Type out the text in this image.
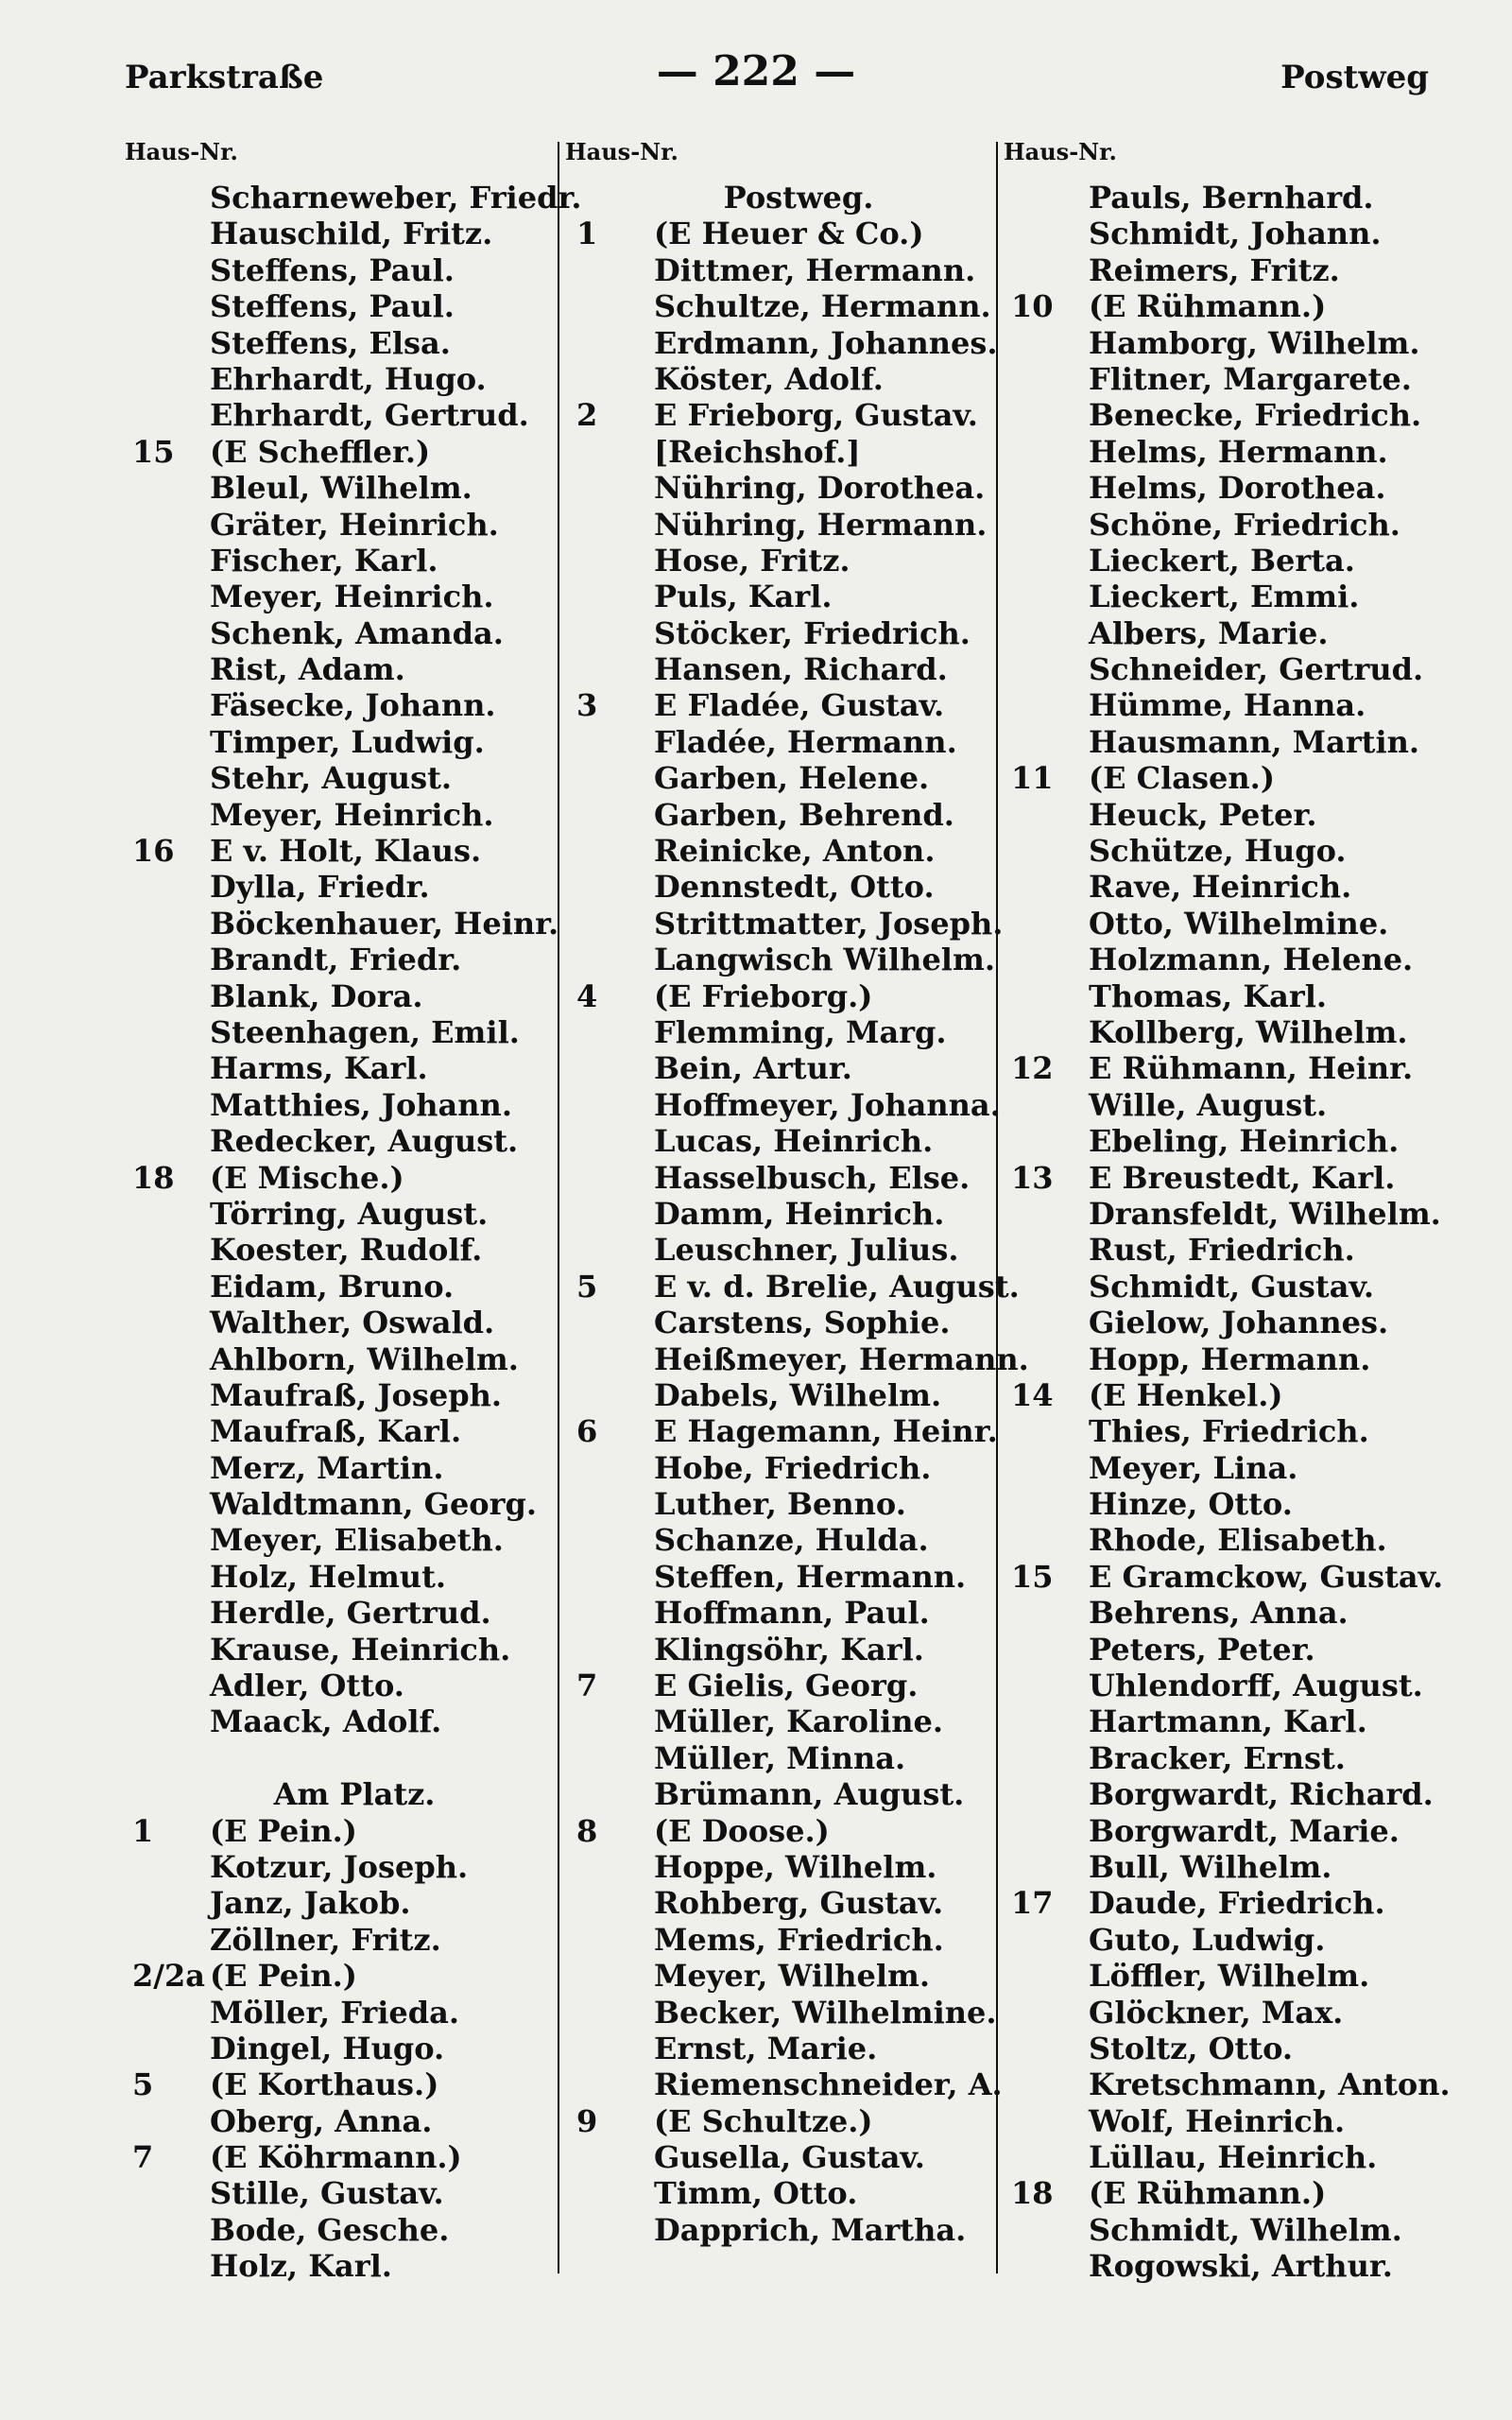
Parkstraße	— 222 —	Postweg
Haus-Nr.	Haus-Nr.	Haus-Nr.
Scharneweber, Friedr.
Hauschild, Fritz.
Steffens, Paul.
Steffens, Paul.
Steffens, Elsa.
Ehrhardt, Hugo.
Ehrhardt, Gertrud.
15	(E Scheffler.)
Bleul, Wilhelm.
Gräter, Heinrich.
Fischer, Karl.
Meyer, Heinrich.
Schenk, Amanda.
Rist, Adam.
Fäsecke, Johann.
Timper, Ludwig.
Stehr, August.
Meyer, Heinrich.
16	E v. Holt, Klaus.
Dylla, Friedr.
Böckenhauer, Heinr.
Brandt, Friedr.
Blank, Dora.
Steenhagen, Emil.
Harms, Karl.
Matthies, Johann.
Redecker, August.
18	(E Mische.)
Törring, August.
Koester, Rudolf.
Eidam, Bruno.
Walther, Oswald.
Ahlborn, Wilhelm.
Maufraß, Joseph.
Maufraß, Karl.
Merz, Martin.
Waldtmann, Georg.
Meyer, Elisabeth.
Holz, Helmut.
Herdle, Gertrud.
Krause, Heinrich.
Adler, Otto.
Maack, Adolf.
Am Platz.
1	(E Pein.)
Kotzur, Joseph.
Janz, Jakob.
Zöllner, Fritz.
2/2a (E Pein.)
Möller, Frieda.
Dingel, Hugo.
5	(E Korthaus.)
Oberg, Anna.
7	(E Köhrmann.)
Stille, Gustav.
Bode, Gesche.
Holz, Karl.
Postweg.
1	(E Heuer & Co.)
Dittmer, Hermann.
Schultze, Hermann.
Erdmann, Johannes.
Köster, Adolf.
2	E Frieborg, Gustav.
[Reichshof.]
Nühring, Dorothea.
Nühring, Hermann.
Hose, Fritz.
Puls, Karl.
Stöcker, Friedrich.
Hansen, Richard.
3	E Fladée, Gustav.
Fladée, Hermann.
Garben, Helene.
Garben, Behrend.
Reinicke, Anton.
Dennstedt, Otto.
Strittmatter, Joseph.
Langwisch Wilhelm.
4	(E Frieborg.)
Flemming, Marg.
Bein, Artur.
Hoffmeyer, Johanna.
Lucas, Heinrich.
Hasselbusch, Else.
Damm, Heinrich.
Leuschner, Julius.
5	E v. d. Brelie, August.
Carstens, Sophie.
Heißmeyer, Hermann.
Dabels, Wilhelm.
6	E Hagemann, Heinr.
Hobe, Friedrich.
Luther, Benno.
Schanze, Hulda.
Steffen, Hermann.
Hoffmann, Paul.
Klingsöhr, Karl.
7	E Gielis, Georg.
Müller, Karoline.
Müller, Minna.
Brümann, August.
8	(E Doose.)
Hoppe, Wilhelm.
Rohberg, Gustav.
Mems, Friedrich.
Meyer, Wilhelm.
Becker, Wilhelmine.
Ernst, Marie.
Riemenschneider, A.
9	(E Schultze.)
Gusella, Gustav.
Timm, Otto.
Dapprich, Martha.
Pauls, Bernhard.
Schmidt, Johann.
Reimers, Fritz.
10	(E Rühmann.)
Hamborg, Wilhelm.
Flitner, Margarete.
Benecke, Friedrich.
Helms, Hermann.
Helms, Dorothea.
Schöne, Friedrich.
Lieckert, Berta.
Lieckert, Emmi.
Albers, Marie.
Schneider, Gertrud.
Hümme, Hanna.
Hausmann, Martin.
11	(E Clasen.)
Heuck, Peter.
Schütze, Hugo.
Rave, Heinrich.
Otto, Wilhelmine.
Holzmann, Helene.
Thomas, Karl.
Kollberg, Wilhelm.
12	E Rühmann, Heinr.
Wille, August.
Ebeling, Heinrich.
13	E Breustedt, Karl.
Dransfeldt, Wilhelm.
Rust, Friedrich.
Schmidt, Gustav.
Gielow, Johannes.
Hopp, Hermann.
14	(E Henkel.)
Thies, Friedrich.
Meyer, Lina.
Hinze, Otto.
Rhode, Elisabeth.
15	E Gramckow, Gustav.
Behrens, Anna.
Peters, Peter.
Uhlendorff, August.
Hartmann, Karl.
Bracker, Ernst.
Borgwardt, Richard.
Borgwardt, Marie.
Bull, Wilhelm.
17	Daude, Friedrich.
Guto, Ludwig.
Löffler, Wilhelm.
Glöckner, Max.
Stoltz, Otto.
Kretschmann, Anton.
Wolf, Heinrich.
Lüllau, Heinrich.
18	(E Rühmann.)
Schmidt, Wilhelm.
Rogowski, Arthur.
